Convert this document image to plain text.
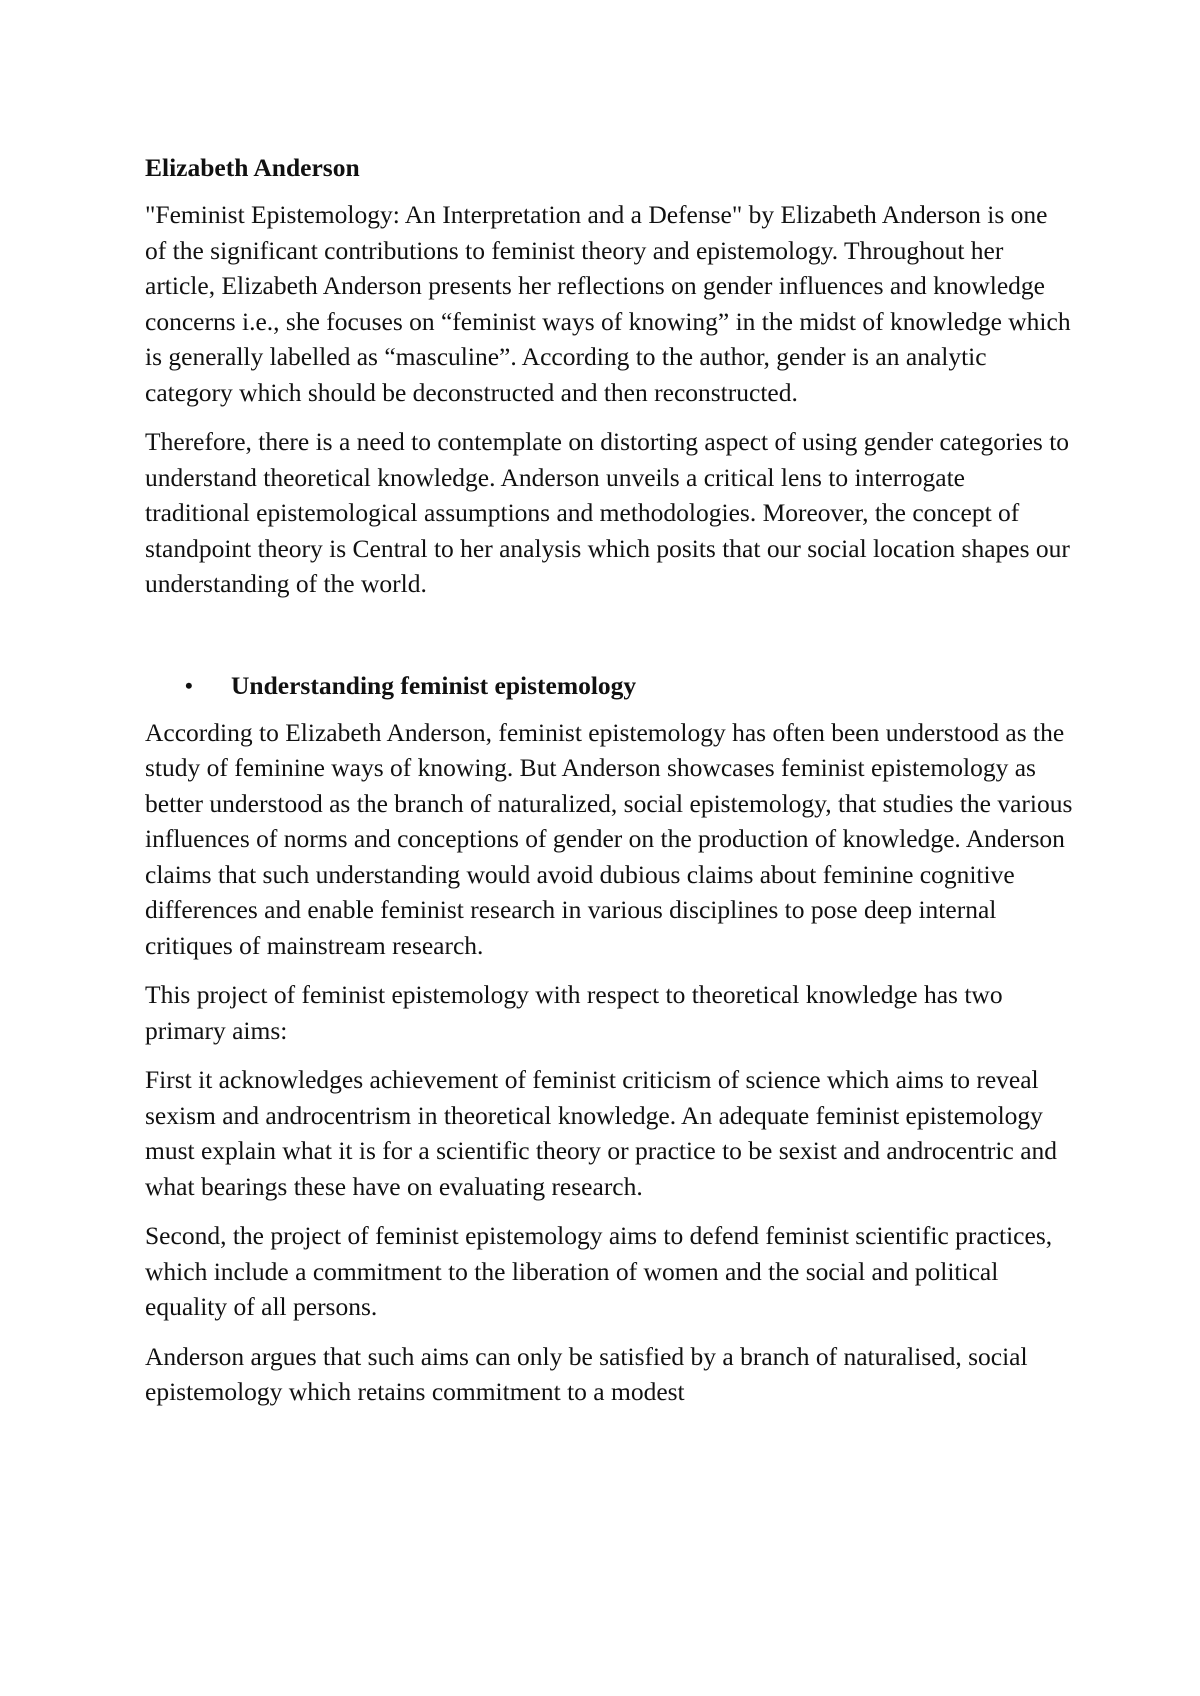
Elizabeth Anderson

"Feminist Epistemology: An Interpretation and a Defense" by Elizabeth Anderson is one of the significant contributions to feminist theory and epistemology. Throughout her article, Elizabeth Anderson presents her reflections on gender influences and knowledge concerns i.e., she focuses on “feminist ways of knowing” in the midst of knowledge which is generally labelled as “masculine”. According to the author, gender is an analytic category which should be deconstructed and then reconstructed.

Therefore, there is a need to contemplate on distorting aspect of using gender categories to understand theoretical knowledge. Anderson unveils a critical lens to interrogate traditional epistemological assumptions and methodologies. Moreover, the concept of standpoint theory is Central to her analysis which posits that our social location shapes our understanding of the world.

•	Understanding feminist epistemology

According to Elizabeth Anderson, feminist epistemology has often been understood as the study of feminine ways of knowing. But Anderson showcases feminist epistemology as better understood as the branch of naturalized, social epistemology, that studies the various influences of norms and conceptions of gender on the production of knowledge. Anderson claims that such understanding would avoid dubious claims about feminine cognitive differences and enable feminist research in various disciplines to pose deep internal critiques of mainstream research.

This project of feminist epistemology with respect to theoretical knowledge has two primary aims:

First it acknowledges achievement of feminist criticism of science which aims to reveal sexism and androcentrism in theoretical knowledge. An adequate feminist epistemology must explain what it is for a scientific theory or practice to be sexist and androcentric and what bearings these have on evaluating research.

Second, the project of feminist epistemology aims to defend feminist scientific practices, which include a commitment to the liberation of women and the social and political equality of all persons.

Anderson argues that such aims can only be satisfied by a branch of naturalised, social epistemology which retains commitment to a modest
